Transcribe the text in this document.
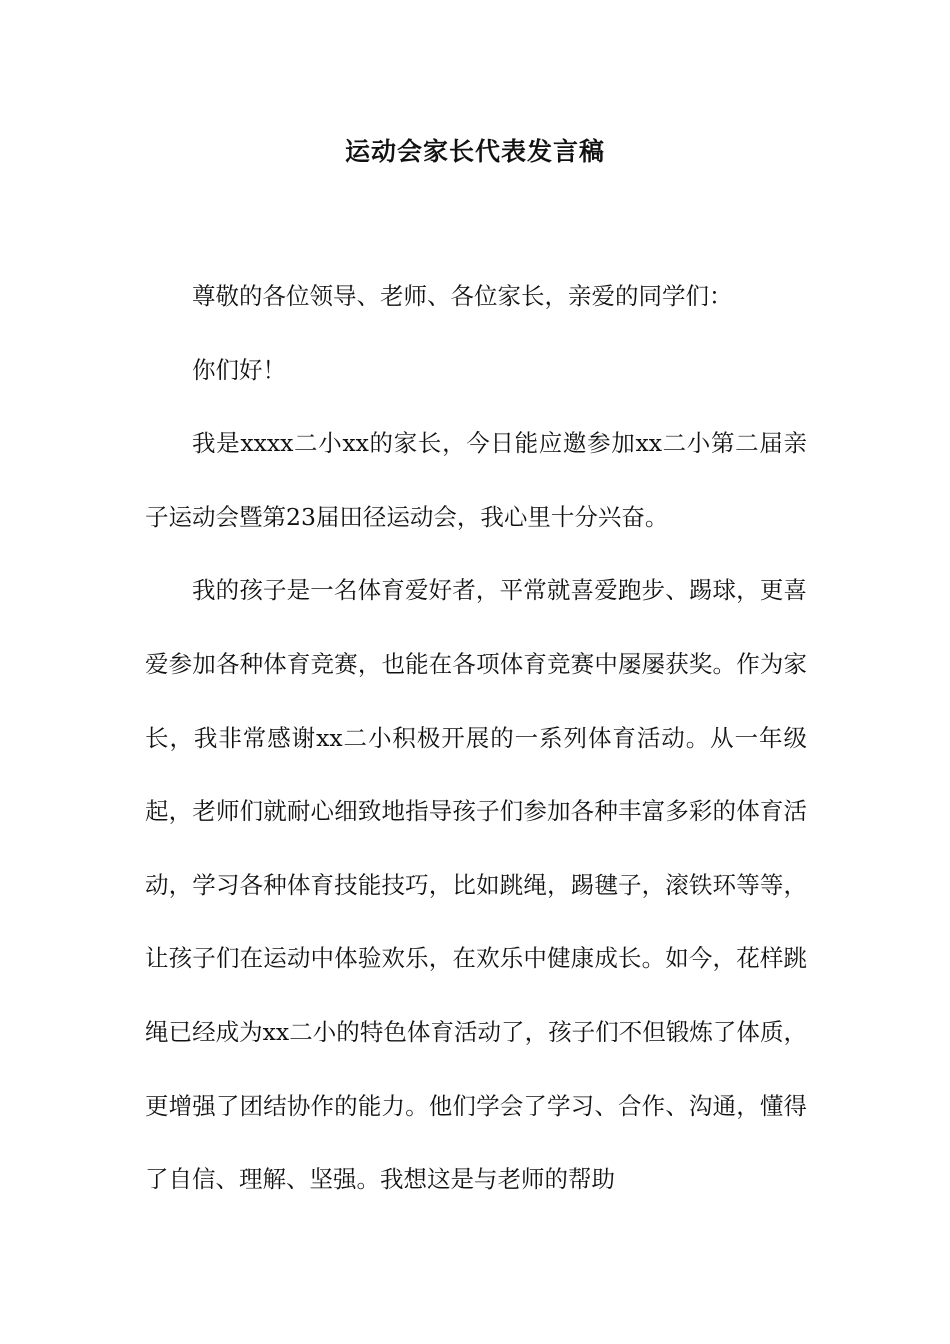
运动会家长代表发言稿

尊敬的各位领导、老师、各位家长，亲爱的同学们：

你们好！

我是xxxx二小xx的家长，今日能应邀参加xx二小第二届亲子运动会暨第23届田径运动会，我心里十分兴奋。

我的孩子是一名体育爱好者，平常就喜爱跑步、踢球，更喜爱参加各种体育竞赛，也能在各项体育竞赛中屡屡获奖。作为家长，我非常感谢xx二小积极开展的一系列体育活动。从一年级起，老师们就耐心细致地指导孩子们参加各种丰富多彩的体育活动，学习各种体育技能技巧，比如跳绳，踢毽子，滚铁环等等，让孩子们在运动中体验欢乐，在欢乐中健康成长。如今，花样跳绳已经成为xx二小的特色体育活动了，孩子们不但锻炼了体质，更增强了团结协作的能力。他们学会了学习、合作、沟通，懂得了自信、理解、坚强。我想这是与老师的帮助
